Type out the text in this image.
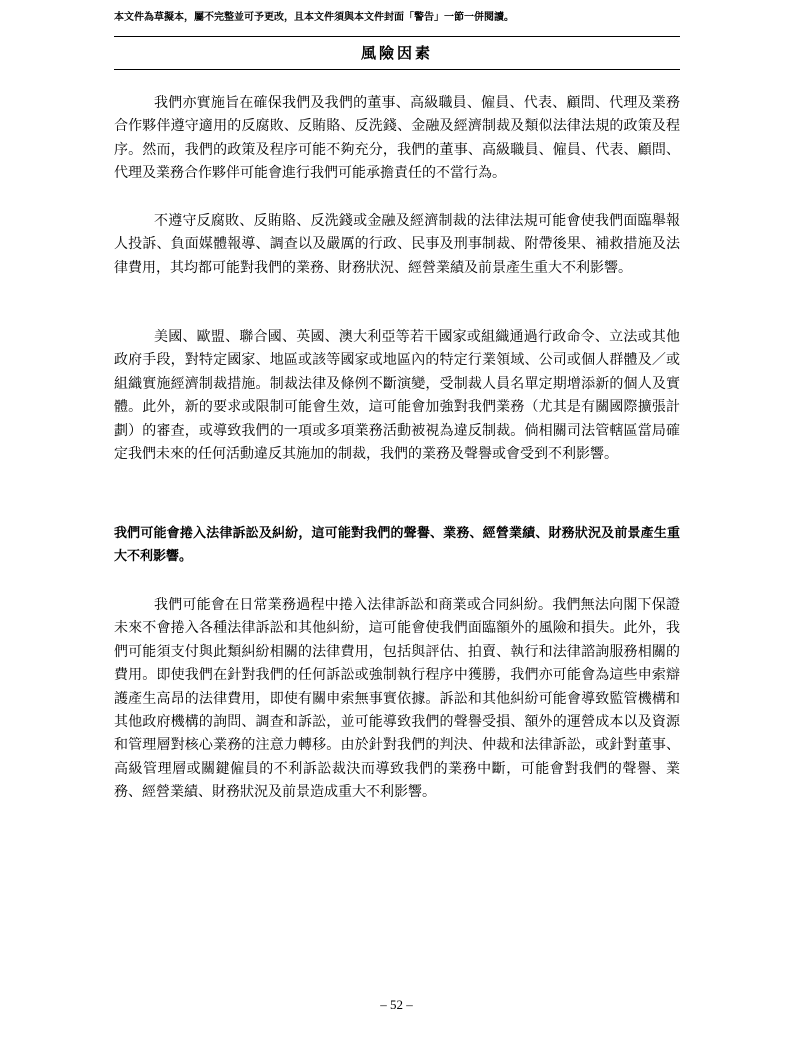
本文件為草擬本，屬不完整並可予更改，且本文件須與本文件封面「警告」一節一併閱讀。
風險因素

我們亦實施旨在確保我們及我們的董事、高級職員、僱員、代表、顧問、代理及業務合作夥伴遵守適用的反腐敗、反賄賂、反洗錢、金融及經濟制裁及類似法律法規的政策及程序。然而，我們的政策及程序可能不夠充分，我們的董事、高級職員、僱員、代表、顧問、代理及業務合作夥伴可能會進行我們可能承擔責任的不當行為。

不遵守反腐敗、反賄賂、反洗錢或金融及經濟制裁的法律法規可能會使我們面臨舉報人投訴、負面媒體報導、調查以及嚴厲的行政、民事及刑事制裁、附帶後果、補救措施及法律費用，其均都可能對我們的業務、財務狀況、經營業績及前景產生重大不利影響。

美國、歐盟、聯合國、英國、澳大利亞等若干國家或組織通過行政命令、立法或其他政府手段，對特定國家、地區或該等國家或地區內的特定行業領域、公司或個人群體及／或組織實施經濟制裁措施。制裁法律及條例不斷演變，受制裁人員名單定期增添新的個人及實體。此外，新的要求或限制可能會生效，這可能會加強對我們業務（尤其是有關國際擴張計劃）的審查，或導致我們的一項或多項業務活動被視為違反制裁。倘相關司法管轄區當局確定我們未來的任何活動違反其施加的制裁，我們的業務及聲譽或會受到不利影響。

我們可能會捲入法律訴訟及糾紛，這可能對我們的聲譽、業務、經營業績、財務狀況及前景產生重大不利影響。

我們可能會在日常業務過程中捲入法律訴訟和商業或合同糾紛。我們無法向閣下保證未來不會捲入各種法律訴訟和其他糾紛，這可能會使我們面臨額外的風險和損失。此外，我們可能須支付與此類糾紛相關的法律費用，包括與評估、拍賣、執行和法律諮詢服務相關的費用。即使我們在針對我們的任何訴訟或強制執行程序中獲勝，我們亦可能會為這些申索辯護產生高昂的法律費用，即使有關申索無事實依據。訴訟和其他糾紛可能會導致監管機構和其他政府機構的詢問、調查和訴訟，並可能導致我們的聲譽受損、額外的運營成本以及資源和管理層對核心業務的注意力轉移。由於針對我們的判決、仲裁和法律訴訟，或針對董事、高級管理層或關鍵僱員的不利訴訟裁決而導致我們的業務中斷，可能會對我們的聲譽、業務、經營業績、財務狀況及前景造成重大不利影響。

– 52 –
